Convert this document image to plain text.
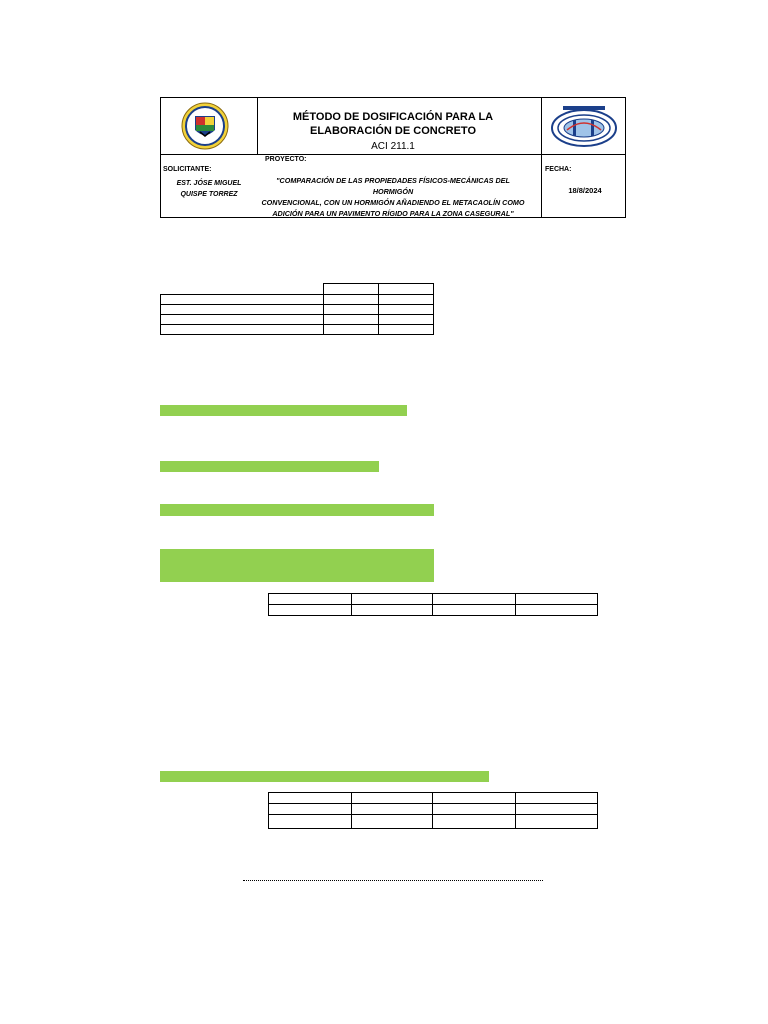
MÉTODO DE DOSIFICACIÓN PARA LA
ELABORACIÓN DE CONCRETO
ACI 211.1
SOLICITANTE:
EST. JÓSE MIGUEL
QUISPE TORREZ
PROYECTO:
"COMPARACIÓN DE LAS PROPIEDADES FÍSICOS-MECÁNICAS DEL HORMIGÓN
CONVENCIONAL, CON UN HORMIGÓN AÑADIENDO EL METACAOLÍN COMO
ADICIÓN PARA UN PAVIMENTO RÍGIDO PARA LA ZONA CASEGURAL"
FECHA:
18/8/2024
